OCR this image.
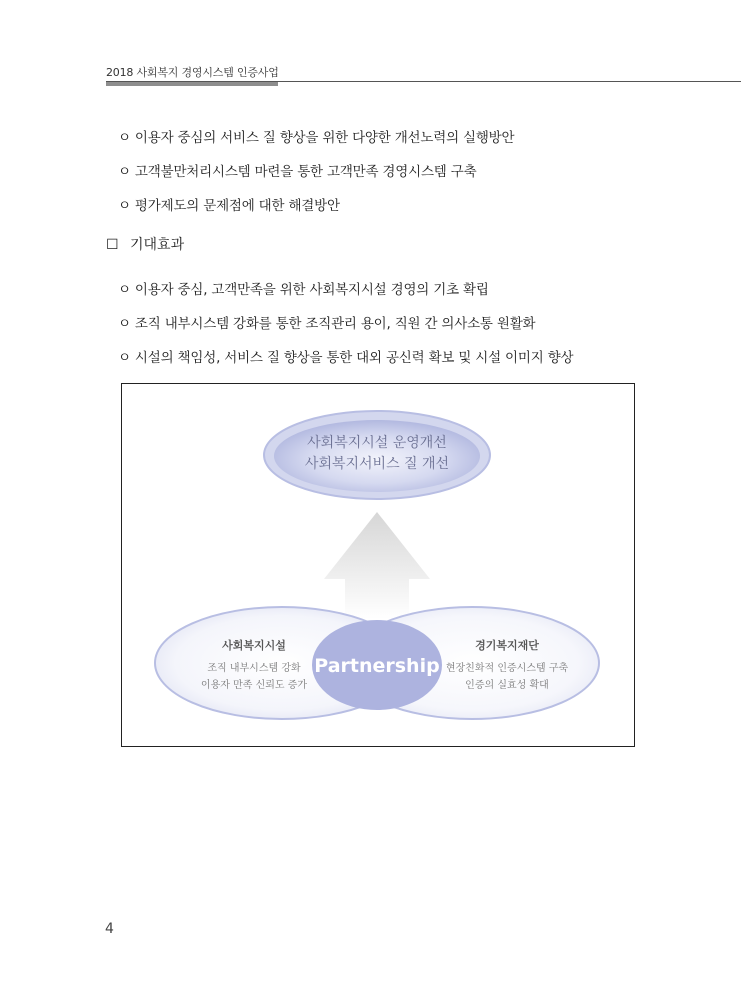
2018 사회복지 경영시스템 인증사업
ㅇ 이용자 중심의 서비스 질 향상을 위한 다양한 개선노력의 실행방안
ㅇ 고객불만처리시스템 마련을 통한 고객만족 경영시스템 구축
ㅇ 평가제도의 문제점에 대한 해결방안
☐ 기대효과
ㅇ 이용자 중심, 고객만족을 위한 사회복지시설 경영의 기초 확립
ㅇ 조직 내부시스템 강화를 통한 조직관리 용이, 직원 간 의사소통 원활화
ㅇ 시설의 책임성, 서비스 질 향상을 통한 대외 공신력 확보 및 시설 이미지 향상
사회복지시설 운영개선
사회복지서비스 질 개선
Partnership
사회복지시설
조직 내부시스템 강화
이용자 만족 신뢰도 증가
경기복지재단
현장친화적 인증시스템 구축
인증의 실효성 확대
4
